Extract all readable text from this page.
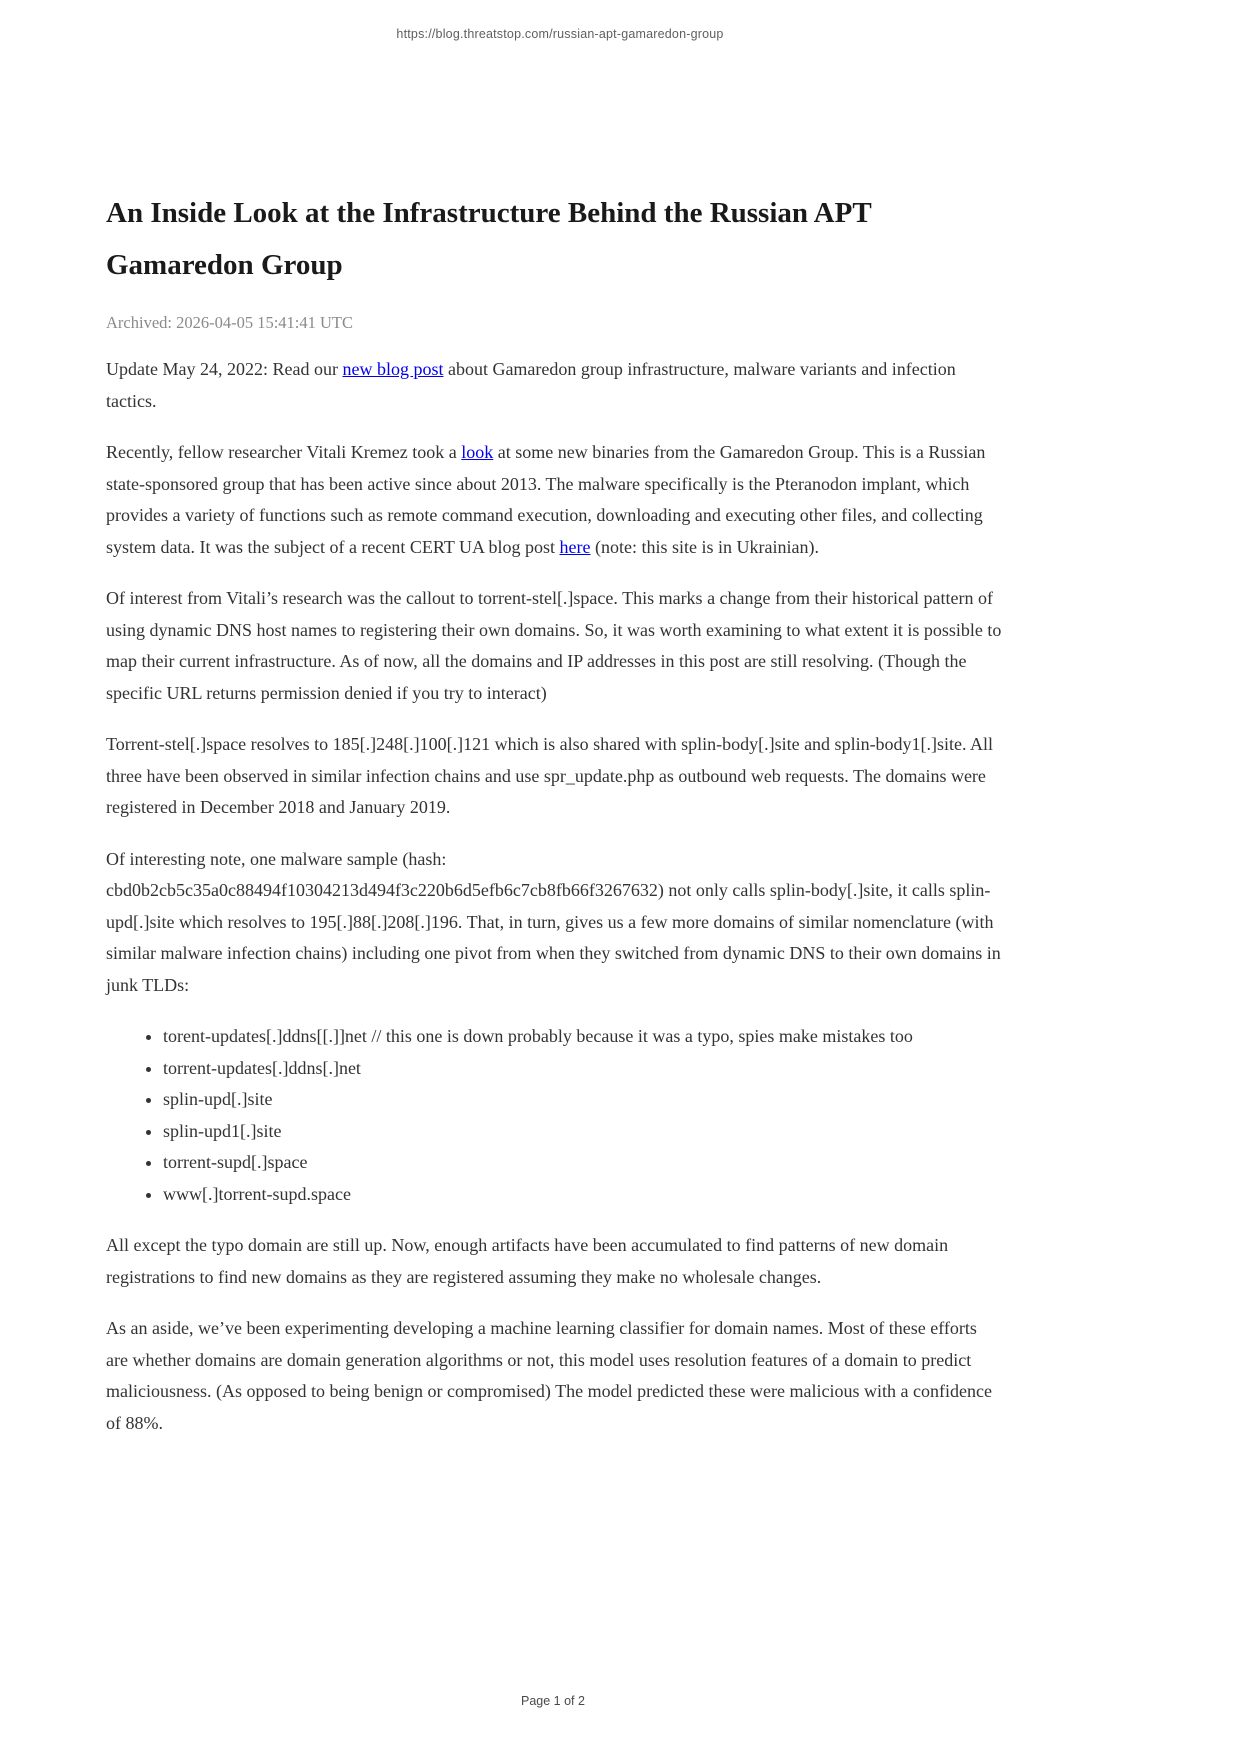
https://blog.threatstop.com/russian-apt-gamaredon-group
An Inside Look at the Infrastructure Behind the Russian APT Gamaredon Group
Archived: 2026-04-05 15:41:41 UTC

Update May 24, 2022: Read our new blog post about Gamaredon group infrastructure, malware variants and infection tactics.

Recently, fellow researcher Vitali Kremez took a look at some new binaries from the Gamaredon Group. This is a Russian state-sponsored group that has been active since about 2013. The malware specifically is the Pteranodon implant, which provides a variety of functions such as remote command execution, downloading and executing other files, and collecting system data. It was the subject of a recent CERT UA blog post here (note: this site is in Ukrainian).

Of interest from Vitali’s research was the callout to torrent-stel[.]space. This marks a change from their historical pattern of using dynamic DNS host names to registering their own domains. So, it was worth examining to what extent it is possible to map their current infrastructure. As of now, all the domains and IP addresses in this post are still resolving. (Though the specific URL returns permission denied if you try to interact)

Torrent-stel[.]space resolves to 185[.]248[.]100[.]121 which is also shared with splin-body[.]site and splin-body1[.]site. All three have been observed in similar infection chains and use spr_update.php as outbound web requests. The domains were registered in December 2018 and January 2019.

Of interesting note, one malware sample (hash: cbd0b2cb5c35a0c88494f10304213d494f3c220b6d5efb6c7cb8fb66f3267632) not only calls splin-body[.]site, it calls splin-upd[.]site which resolves to 195[.]88[.]208[.]196. That, in turn, gives us a few more domains of similar nomenclature (with similar malware infection chains) including one pivot from when they switched from dynamic DNS to their own domains in junk TLDs:

• torent-updates[.]ddns[[.]]net // this one is down probably because it was a typo, spies make mistakes too
• torrent-updates[.]ddns[.]net
• splin-upd[.]site
• splin-upd1[.]site
• torrent-supd[.]space
• www[.]torrent-supd.space

All except the typo domain are still up. Now, enough artifacts have been accumulated to find patterns of new domain registrations to find new domains as they are registered assuming they make no wholesale changes.

As an aside, we’ve been experimenting developing a machine learning classifier for domain names. Most of these efforts are whether domains are domain generation algorithms or not, this model uses resolution features of a domain to predict maliciousness. (As opposed to being benign or compromised) The model predicted these were malicious with a confidence of 88%.

Page 1 of 2
